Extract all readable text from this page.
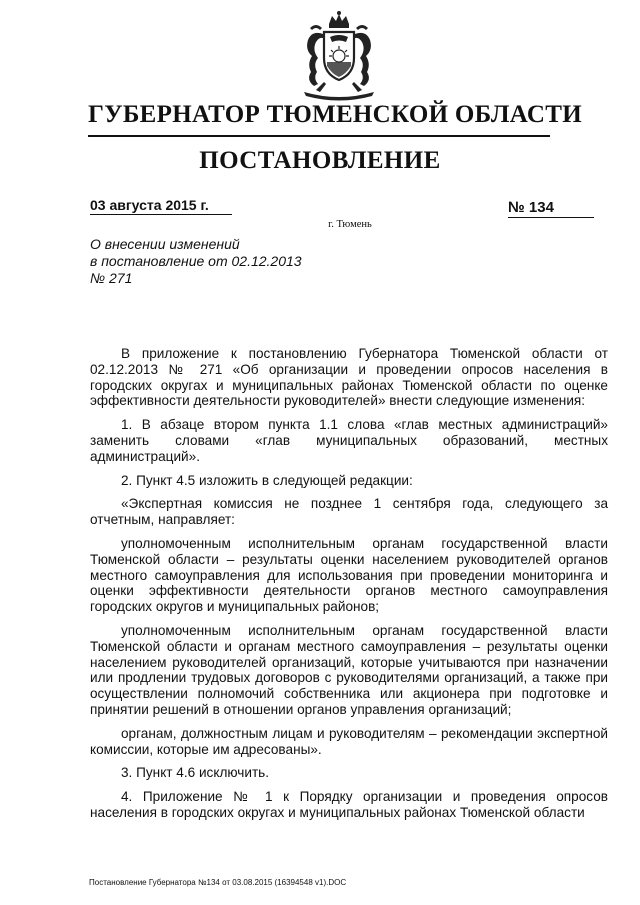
ГУБЕРНАТОР ТЮМЕНСКОЙ ОБЛАСТИ
ПОСТАНОВЛЕНИЕ
03 августа 2015 г.	№ 134
г. Тюмень
О внесении изменений
в постановление от 02.12.2013
№ 271

В приложение к постановлению Губернатора Тюменской области от 02.12.2013 № 271 «Об организации и проведении опросов населения в городских округах и муниципальных районах Тюменской области по оценке эффективности деятельности руководителей» внести следующие изменения:

1. В абзаце втором пункта 1.1 слова «глав местных администраций» заменить словами «глав муниципальных образований, местных администраций».

2. Пункт 4.5 изложить в следующей редакции:

«Экспертная комиссия не позднее 1 сентября года, следующего за отчетным, направляет:

уполномоченным исполнительным органам государственной власти Тюменской области – результаты оценки населением руководителей органов местного самоуправления для использования при проведении мониторинга и оценки эффективности деятельности органов местного самоуправления городских округов и муниципальных районов;

уполномоченным исполнительным органам государственной власти Тюменской области и органам местного самоуправления – результаты оценки населением руководителей организаций, которые учитываются при назначении или продлении трудовых договоров с руководителями организаций, а также при осуществлении полномочий собственника или акционера при подготовке и принятии решений в отношении органов управления организаций;

органам, должностным лицам и руководителям – рекомендации экспертной комиссии, которые им адресованы».

3. Пункт 4.6 исключить.

4. Приложение № 1 к Порядку организации и проведения опросов населения в городских округах и муниципальных районах Тюменской области

Постановление Губернатора №134 от 03.08.2015 (16394548 v1).DOC
